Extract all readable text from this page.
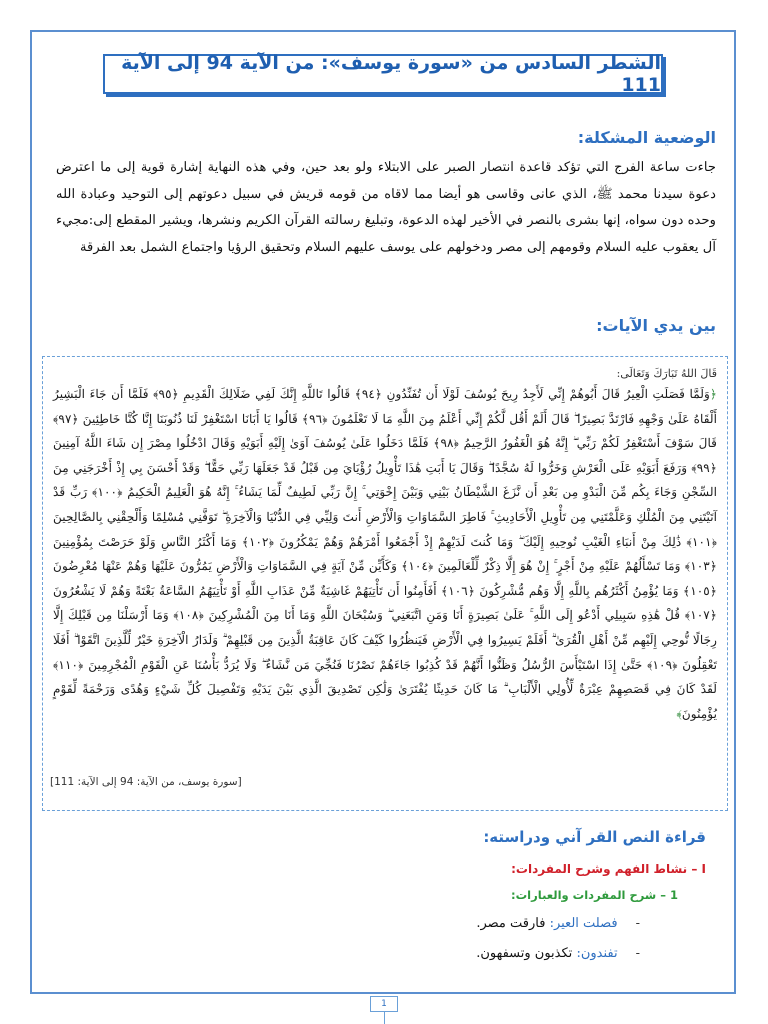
الشطر السادس من «سورة يوسف»: من الآية 94 إلى الآية 111
الوضعية المشكلة:
جاءت ساعة الفرج التي تؤكد قاعدة انتصار الصبر على الابتلاء ولو بعد حين، وفي هذه النهاية إشارة قوية إلى ما اعترض دعوة سيدنا محمد ﷺ، الذي عانى وقاسى هو أيضا مما لاقاه من قومه قريش في سبيل دعوتهم إلى التوحيد وعبادة الله وحده دون سواه، إنها بشرى بالنصر في الأخير لهذه الدعوة، وتبليغ رسالته القرآن الكريم ونشرها، ويشير المقطع إلى:مجيء آل يعقوب عليه السلام وقومهم إلى مصر ودخولهم على يوسف عليهم السلام وتحقيق الرؤيا واجتماع الشمل بعد الفرقة
بين يدي الآيات:
قَالَ اللهُ تَبَارَكَ وَتَعَالَى:
﴿وَلَمَّا فَصَلَتِ الْعِيرُ قَالَ أَبُوهُمْ إِنِّي لَأَجِدُ رِيحَ يُوسُفَ لَوْلَا أَن تُفَنِّدُونِ ﴿٩٤﴾ قَالُوا تَاللَّهِ إِنَّكَ لَفِي ضَلَالِكَ الْقَدِيمِ ﴿٩٥﴾ فَلَمَّا أَن جَاءَ الْبَشِيرُ أَلْقَاهُ عَلَىٰ وَجْهِهِ فَارْتَدَّ بَصِيرًا ۖ قَالَ أَلَمْ أَقُل لَّكُمْ إِنِّي أَعْلَمُ مِنَ اللَّهِ مَا لَا تَعْلَمُونَ ﴿٩٦﴾ قَالُوا يَا أَبَانَا اسْتَغْفِرْ لَنَا ذُنُوبَنَا إِنَّا كُنَّا خَاطِئِينَ ﴿٩٧﴾ قَالَ سَوْفَ أَسْتَغْفِرُ لَكُمْ رَبِّي ۖ إِنَّهُ هُوَ الْغَفُورُ الرَّحِيمُ ﴿٩٨﴾ فَلَمَّا دَخَلُوا عَلَىٰ يُوسُفَ آوَىٰ إِلَيْهِ أَبَوَيْهِ وَقَالَ ادْخُلُوا مِصْرَ إِن شَاءَ اللَّهُ آمِنِينَ ﴿٩٩﴾ وَرَفَعَ أَبَوَيْهِ عَلَى الْعَرْشِ وَخَرُّوا لَهُ سُجَّدًا ۖ وَقَالَ يَا أَبَتِ هَٰذَا تَأْوِيلُ رُؤْيَايَ مِن قَبْلُ قَدْ جَعَلَهَا رَبِّي حَقًّا ۖ وَقَدْ أَحْسَنَ بِي إِذْ أَخْرَجَنِي مِنَ السِّجْنِ وَجَاءَ بِكُم مِّنَ الْبَدْوِ مِن بَعْدِ أَن نَّزَغَ الشَّيْطَانُ بَيْنِي وَبَيْنَ إِخْوَتِي ۚ إِنَّ رَبِّي لَطِيفٌ لِّمَا يَشَاءُ ۚ إِنَّهُ هُوَ الْعَلِيمُ الْحَكِيمُ ﴿١٠٠﴾ رَبِّ قَدْ آتَيْتَنِي مِنَ الْمُلْكِ وَعَلَّمْتَنِي مِن تَأْوِيلِ الْأَحَادِيثِ ۚ فَاطِرَ السَّمَاوَاتِ وَالْأَرْضِ أَنتَ وَلِيِّي فِي الدُّنْيَا وَالْآخِرَةِ ۖ تَوَفَّنِي مُسْلِمًا وَأَلْحِقْنِي بِالصَّالِحِينَ ﴿١٠١﴾ ذَٰلِكَ مِنْ أَنبَاءِ الْغَيْبِ نُوحِيهِ إِلَيْكَ ۖ وَمَا كُنتَ لَدَيْهِمْ إِذْ أَجْمَعُوا أَمْرَهُمْ وَهُمْ يَمْكُرُونَ ﴿١٠٢﴾ وَمَا أَكْثَرُ النَّاسِ وَلَوْ حَرَصْتَ بِمُؤْمِنِينَ ﴿١٠٣﴾ وَمَا تَسْأَلُهُمْ عَلَيْهِ مِنْ أَجْرٍ ۚ إِنْ هُوَ إِلَّا ذِكْرٌ لِّلْعَالَمِينَ ﴿١٠٤﴾ وَكَأَيِّن مِّنْ آيَةٍ فِي السَّمَاوَاتِ وَالْأَرْضِ يَمُرُّونَ عَلَيْهَا وَهُمْ عَنْهَا مُعْرِضُونَ ﴿١٠٥﴾ وَمَا يُؤْمِنُ أَكْثَرُهُم بِاللَّهِ إِلَّا وَهُم مُّشْرِكُونَ ﴿١٠٦﴾ أَفَأَمِنُوا أَن تَأْتِيَهُمْ غَاشِيَةٌ مِّنْ عَذَابِ اللَّهِ أَوْ تَأْتِيَهُمُ السَّاعَةُ بَغْتَةً وَهُمْ لَا يَشْعُرُونَ ﴿١٠٧﴾ قُلْ هَٰذِهِ سَبِيلِي أَدْعُو إِلَى اللَّهِ ۚ عَلَىٰ بَصِيرَةٍ أَنَا وَمَنِ اتَّبَعَنِي ۖ وَسُبْحَانَ اللَّهِ وَمَا أَنَا مِنَ الْمُشْرِكِينَ ﴿١٠٨﴾ وَمَا أَرْسَلْنَا مِن قَبْلِكَ إِلَّا رِجَالًا نُّوحِي إِلَيْهِم مِّنْ أَهْلِ الْقُرَىٰ ۗ أَفَلَمْ يَسِيرُوا فِي الْأَرْضِ فَيَنظُرُوا كَيْفَ كَانَ عَاقِبَةُ الَّذِينَ مِن قَبْلِهِمْ ۗ وَلَدَارُ الْآخِرَةِ خَيْرٌ لِّلَّذِينَ اتَّقَوْا ۗ أَفَلَا تَعْقِلُونَ ﴿١٠٩﴾ حَتَّىٰ إِذَا اسْتَيْأَسَ الرُّسُلُ وَظَنُّوا أَنَّهُمْ قَدْ كُذِبُوا جَاءَهُمْ نَصْرُنَا فَنُجِّيَ مَن نَّشَاءُ ۖ وَلَا يُرَدُّ بَأْسُنَا عَنِ الْقَوْمِ الْمُجْرِمِينَ ﴿١١٠﴾ لَقَدْ كَانَ فِي قَصَصِهِمْ عِبْرَةٌ لِّأُولِي الْأَلْبَابِ ۗ مَا كَانَ حَدِيثًا يُفْتَرَىٰ وَلَٰكِن تَصْدِيقَ الَّذِي بَيْنَ يَدَيْهِ وَتَفْصِيلَ كُلِّ شَيْءٍ وَهُدًى وَرَحْمَةً لِّقَوْمٍ يُؤْمِنُونَ﴾
[سورة يوسف، من الآية: 94 إلى الآية: 111]
قراءة النص القر آني ودراسته:
I – نشاط الفهم وشرح المفردات:
1 – شرح المفردات والعبارات:
-فصلت العير: فارقت مصر.
-تفندون: تكذبون وتسفهون.
1
